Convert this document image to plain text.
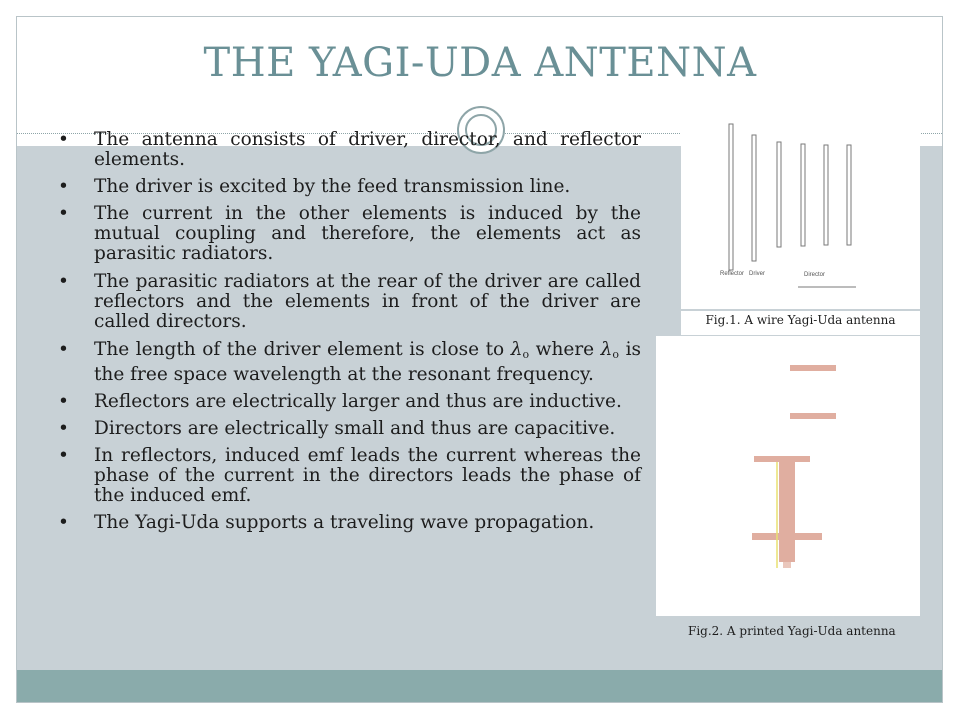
THE YAGI-UDA ANTENNA
• The antenna consists of driver, director, and reflector elements.
• The driver is excited by the feed transmission line.
• The current in the other elements is induced by the mutual coupling and therefore, the elements act as parasitic radiators.
• The parasitic radiators at the rear of the driver are called reflectors and the elements in front of the driver are called directors.
• The length of the driver element is close to $\lambda_o$ where $\lambda_o$ is the free space wavelength at the resonant frequency.
• Reflectors are electrically larger and thus are inductive.
• Directors are electrically small and thus are capacitive.
• In reflectors, induced emf leads the current whereas the phase of the current in the directors leads the phase of the induced emf.
• The Yagi-Uda supports a traveling wave propagation.
Reflector Driver	Director
Fig.1. A wire Yagi-Uda antenna
Fig.2. A printed Yagi-Uda antenna
